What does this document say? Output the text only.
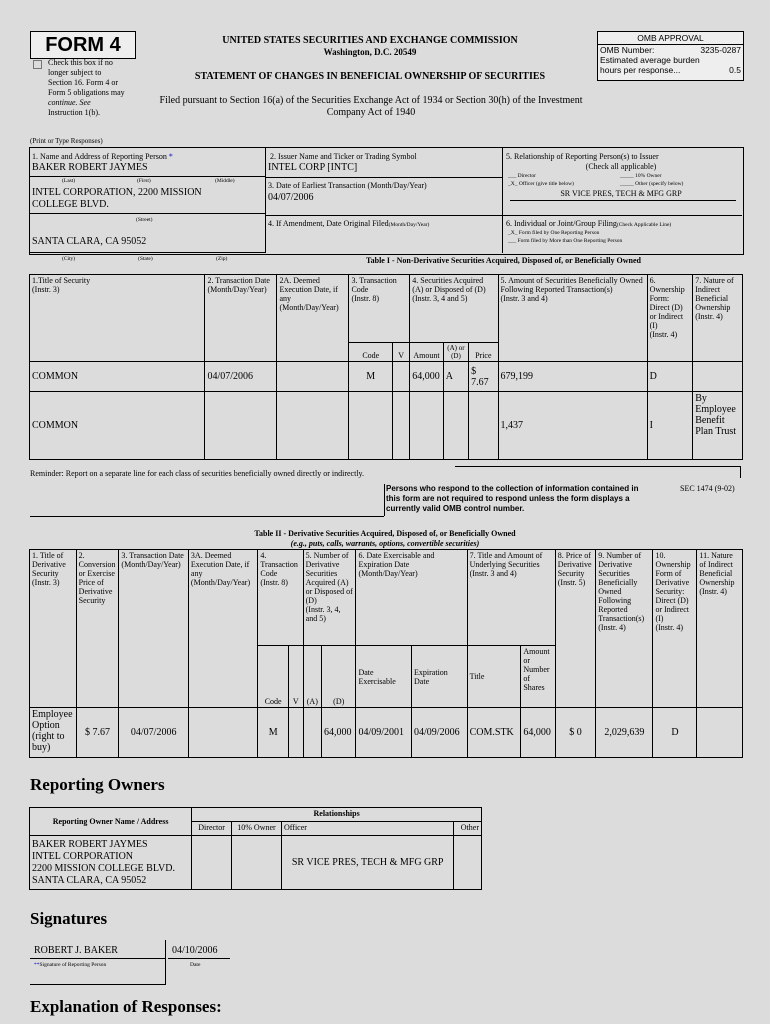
FORM 4
Check this box if no
longer subject to
Section 16. Form 4 or
Form 5 obligations may
continue. See
Instruction 1(b).
UNITED STATES SECURITIES AND EXCHANGE COMMISSION
Washington, D.C. 20549
STATEMENT OF CHANGES IN BENEFICIAL OWNERSHIP OF SECURITIES
Filed pursuant to Section 16(a) of the Securities Exchange Act of 1934 or Section 30(h) of the Investment
Company Act of 1940
OMB APPROVAL
OMB Number:	3235-0287
Estimated average burden
hours per response...	0.5
(Print or Type Responses)
1. Name and Address of Reporting Person *
BAKER ROBERT JAYMES
(Last)	(First)	(Middle)
INTEL CORPORATION, 2200 MISSION
COLLEGE BLVD.
(Street)
SANTA CLARA, CA 95052
(City)	(State)	(Zip)
2. Issuer Name and Ticker or Trading Symbol
INTEL CORP [INTC]
3. Date of Earliest Transaction (Month/Day/Year)
04/07/2006
4. If Amendment, Date Original Filed(Month/Day/Year)
5. Relationship of Reporting Person(s) to Issuer
(Check all applicable)
___ Director	_____ 10% Owner
_X_ Officer (give title below)	_____ Other (specify below)
SR VICE PRES, TECH & MFG GRP
6. Individual or Joint/Group Filing(Check Applicable Line)
_X_ Form filed by One Reporting Person
___ Form filed by More than One Reporting Person
Table I - Non-Derivative Securities Acquired, Disposed of, or Beneficially Owned
1.Title of Security
(Instr. 3)	2. Transaction Date
(Month/Day/Year)	2A. Deemed Execution Date, if any
(Month/Day/Year)	3. Transaction Code
(Instr. 8)		4. Securities Acquired (A) or Disposed of (D)
(Instr. 3, 4 and 5)			5. Amount of Securities Beneficially Owned Following Reported Transaction(s)
(Instr. 3 and 4)	6. Ownership Form: Direct (D) or Indirect (I)
(Instr. 4)	7. Nature of Indirect Beneficial Ownership
(Instr. 4)
			Code	V	Amount	(A) or (D)	Price			
COMMON	04/07/2006		M		64,000	A	$ 7.67	679,199	D	
COMMON								1,437	I	By Employee Benefit Plan Trust
Reminder: Report on a separate line for each class of securities beneficially owned directly or indirectly.
Persons who respond to the collection of information contained in
this form are not required to respond unless the form displays a
currently valid OMB control number.
SEC 1474 (9-02)
Table II - Derivative Securities Acquired, Disposed of, or Beneficially Owned
(e.g., puts, calls, warrants, options, convertible securities)
1. Title of Derivative Security
(Instr. 3)	2. Conversion or Exercise Price of Derivative Security	3. Transaction Date
(Month/Day/Year)	3A. Deemed Execution Date, if any
(Month/Day/Year)	4. Transaction Code
(Instr. 8)		5. Number of Derivative Securities Acquired (A) or Disposed of (D)
(Instr. 3, 4, and 5)		6. Date Exercisable and Expiration Date
(Month/Day/Year)		7. Title and Amount of Underlying Securities
(Instr. 3 and 4)		8. Price of Derivative Security
(Instr. 5)	9. Number of Derivative Securities Beneficially Owned Following Reported Transaction(s)
(Instr. 4)	10. Ownership Form of Derivative Security: Direct (D) or Indirect (I)
(Instr. 4)	11. Nature of Indirect Beneficial Ownership
(Instr. 4)
				Code	V	(A)	(D)	Date Exercisable	Expiration Date	Title	Amount or Number of Shares				
Employee Option (right to buy)	$ 7.67	04/07/2006		M			64,000	04/09/2001	04/09/2006	COM.STK	64,000	$ 0	2,029,639	D	
Reporting Owners
Reporting Owner Name / Address	Relationships			
	Director	10% Owner	Officer	Other

BAKER ROBERT JAYMES
INTEL CORPORATION
2200 MISSION COLLEGE BLVD.
SANTA CLARA, CA 95052			SR VICE PRES, TECH & MFG GRP	
Signatures
ROBERT J. BAKER
**Signature of Reporting Person
04/10/2006
Date
Explanation of Responses:
